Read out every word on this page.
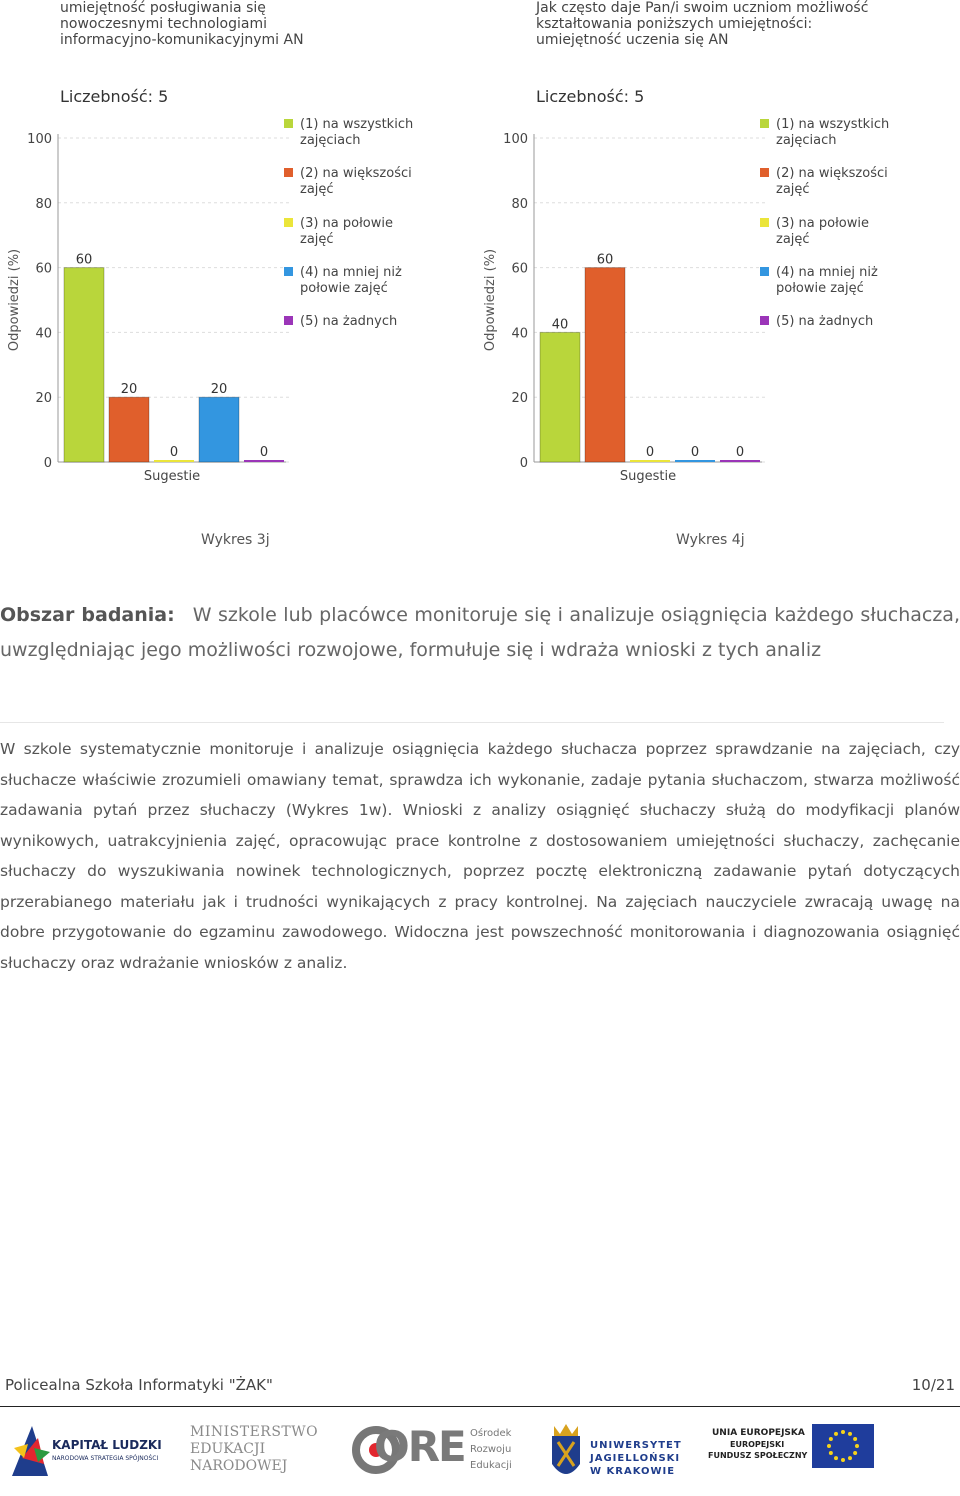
umiejętność posługiwania się
nowoczesnymi technologiami
informacyjno-komunikacyjnymi AN
Liczebność: 5
Odpowiedzi (%)
0
20
40
60
80
100
60
20
0
20
0
Sugestie
(1) na wszystkich
zajęciach
(2) na większości
zajęć
(3) na połowie
zajęć
(4) na mniej niż
połowie zajęć
(5) na żadnych
Wykres 3j
Jak często daje Pan/i swoim uczniom możliwość
kształtowania poniższych umiejętności:
umiejętność uczenia się AN
Liczebność: 5
Odpowiedzi (%)
0
20
40
60
80
100
40
60
0	0	0
Sugestie
(1) na wszystkich
zajęciach
(2) na większości
zajęć
(3) na połowie
zajęć
(4) na mniej niż
połowie zajęć
(5) na żadnych
Wykres 4j
Obszar badania: W szkole lub placówce monitoruje się i analizuje osiągnięcia każdego słuchacza, uwzględniając jego możliwości rozwojowe, formułuje się i wdraża wnioski z tych analiz
W szkole systematycznie monitoruje i analizuje osiągnięcia każdego słuchacza poprzez sprawdzanie na zajęciach, czy słuchacze właściwie zrozumieli omawiany temat, sprawdza ich wykonanie, zadaje pytania słuchaczom, stwarza możliwość zadawania pytań przez słuchaczy (Wykres 1w). Wnioski z analizy osiągnięć słuchaczy służą do modyfikacji planów wynikowych, uatrakcyjnienia zajęć, opracowując prace kontrolne z dostosowaniem umiejętności słuchaczy, zachęcanie słuchaczy do wyszukiwania nowinek technologicznych, poprzez pocztę elektroniczną zadawanie pytań dotyczących przerabianego materiału jak i trudności wynikających z pracy kontrolnej. Na zajęciach nauczyciele zwracają uwagę na dobre przygotowanie do egzaminu zawodowego. Widoczna jest powszechność monitorowania i diagnozowania osiągnięć słuchaczy oraz wdrażanie wniosków z analiz.
Policealna Szkoła Informatyki "ŻAK"	10/21
KAPITAŁ LUDZKI
NARODOWA STRATEGIA SPÓJNOŚCI
MINISTERSTWO
EDUKACJI
NARODOWEJ ORE Ośrodek
Rozwoju
Edukacji
UNIWERSYTET
JAGIELLOŃSKI
W KRAKOWIE
UNIA EUROPEJSKA
EUROPEJSKI
FUNDUSZ SPOŁECZNY
